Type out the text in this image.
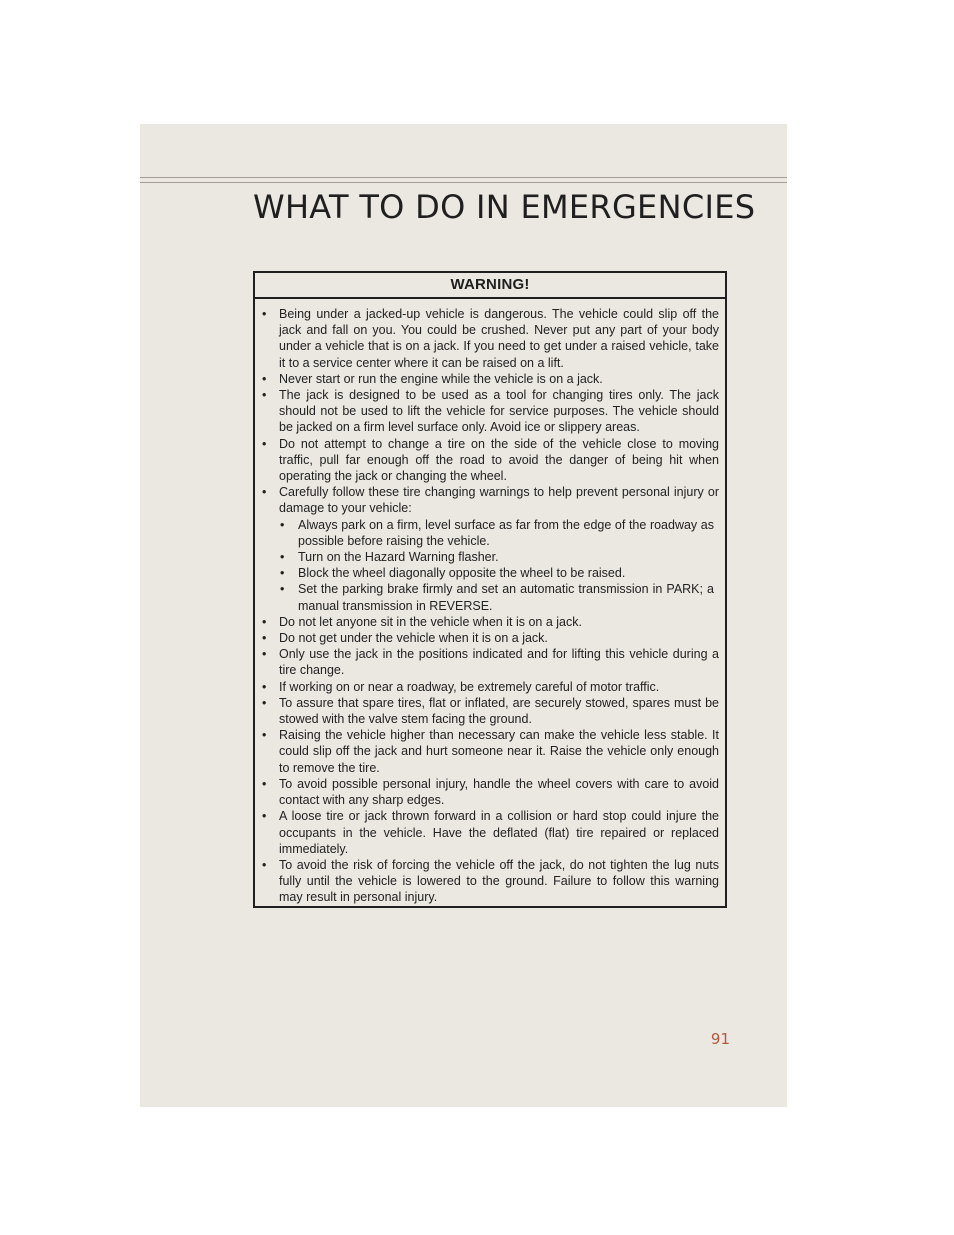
WHAT TO DO IN EMERGENCIES
WARNING!
• Being under a jacked-up vehicle is dangerous. The vehicle could slip off the jack and fall on you. You could be crushed. Never put any part of your body under a vehicle that is on a jack. If you need to get under a raised vehicle, take it to a service center where it can be raised on a lift.
• Never start or run the engine while the vehicle is on a jack.
• The jack is designed to be used as a tool for changing tires only. The jack should not be used to lift the vehicle for service purposes. The vehicle should be jacked on a firm level surface only. Avoid ice or slippery areas.
• Do not attempt to change a tire on the side of the vehicle close to moving traffic, pull far enough off the road to avoid the danger of being hit when operating the jack or changing the wheel.
• Carefully follow these tire changing warnings to help prevent personal injury or damage to your vehicle:
• Always park on a firm, level surface as far from the edge of the roadway as possible before raising the vehicle.
• Turn on the Hazard Warning flasher.
• Block the wheel diagonally opposite the wheel to be raised.
• Set the parking brake firmly and set an automatic transmission in PARK; a manual transmission in REVERSE.
• Do not let anyone sit in the vehicle when it is on a jack.
• Do not get under the vehicle when it is on a jack.
• Only use the jack in the positions indicated and for lifting this vehicle during a tire change.
• If working on or near a roadway, be extremely careful of motor traffic.
• To assure that spare tires, flat or inflated, are securely stowed, spares must be stowed with the valve stem facing the ground.
• Raising the vehicle higher than necessary can make the vehicle less stable. It could slip off the jack and hurt someone near it. Raise the vehicle only enough to remove the tire.
• To avoid possible personal injury, handle the wheel covers with care to avoid contact with any sharp edges.
• A loose tire or jack thrown forward in a collision or hard stop could injure the occupants in the vehicle. Have the deflated (flat) tire repaired or replaced immediately.
• To avoid the risk of forcing the vehicle off the jack, do not tighten the lug nuts fully until the vehicle is lowered to the ground. Failure to follow this warning may result in personal injury.
91
